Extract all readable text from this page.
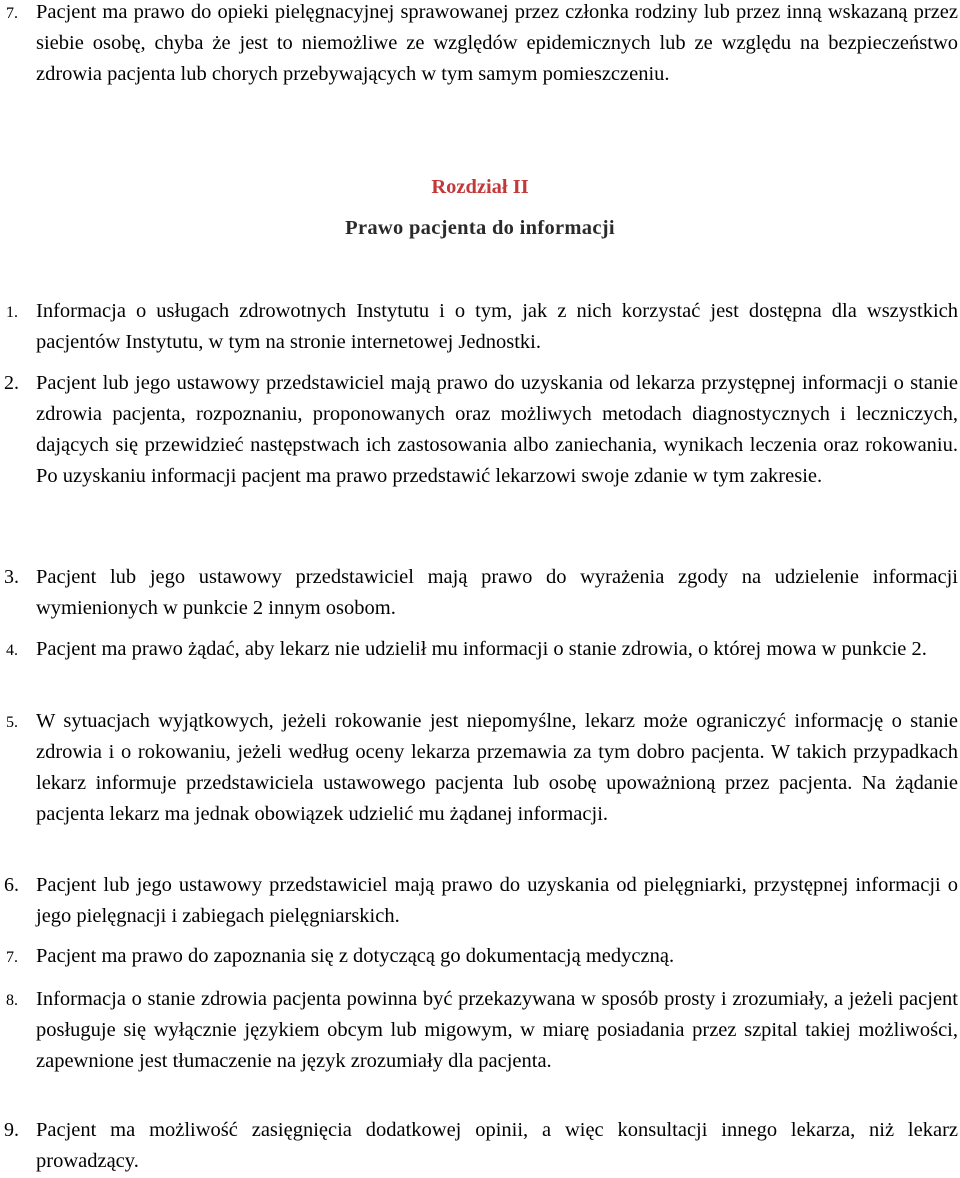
7. Pacjent ma prawo do opieki pielęgnacyjnej sprawowanej przez członka rodziny lub przez inną wskazaną przez siebie osobę, chyba że jest to niemożliwe ze względów epidemicznych lub ze względu na bezpieczeństwo zdrowia pacjenta lub chorych przebywających w tym samym pomieszczeniu.
Rozdział II
Prawo pacjenta do informacji
1. Informacja o usługach zdrowotnych Instytutu i o tym, jak z nich korzystać jest dostępna dla wszystkich pacjentów Instytutu, w tym na stronie internetowej Jednostki.
2. Pacjent lub jego ustawowy przedstawiciel mają prawo do uzyskania od lekarza przystępnej informacji o stanie zdrowia pacjenta, rozpoznaniu, proponowanych oraz możliwych metodach diagnostycznych i leczniczych, dających się przewidzieć następstwach ich zastosowania albo zaniechania, wynikach leczenia oraz rokowaniu. Po uzyskaniu informacji pacjent ma prawo przedstawić lekarzowi swoje zdanie w tym zakresie.
3. Pacjent lub jego ustawowy przedstawiciel mają prawo do wyrażenia zgody na udzielenie informacji wymienionych w punkcie 2 innym osobom.
4. Pacjent ma prawo żądać, aby lekarz nie udzielił mu informacji o stanie zdrowia, o której mowa w punkcie 2.
5. W sytuacjach wyjątkowych, jeżeli rokowanie jest niepomyślne, lekarz może ograniczyć informację o stanie zdrowia i o rokowaniu, jeżeli według oceny lekarza przemawia za tym dobro pacjenta. W takich przypadkach lekarz informuje przedstawiciela ustawowego pacjenta lub osobę upoważnioną przez pacjenta. Na żądanie pacjenta lekarz ma jednak obowiązek udzielić mu żądanej informacji.
6. Pacjent lub jego ustawowy przedstawiciel mają prawo do uzyskania od pielęgniarki, przystępnej informacji o jego pielęgnacji i zabiegach pielęgniarskich.
7. Pacjent ma prawo do zapoznania się z dotyczącą go dokumentacją medyczną.
8. Informacja o stanie zdrowia pacjenta powinna być przekazywana w sposób prosty i zrozumiały, a jeżeli pacjent posługuje się wyłącznie językiem obcym lub migowym, w miarę posiadania przez szpital takiej możliwości, zapewnione jest tłumaczenie na język zrozumiały dla pacjenta.
9. Pacjent ma możliwość zasięgnięcia dodatkowej opinii, a więc konsultacji innego lekarza, niż lekarz prowadzący.
